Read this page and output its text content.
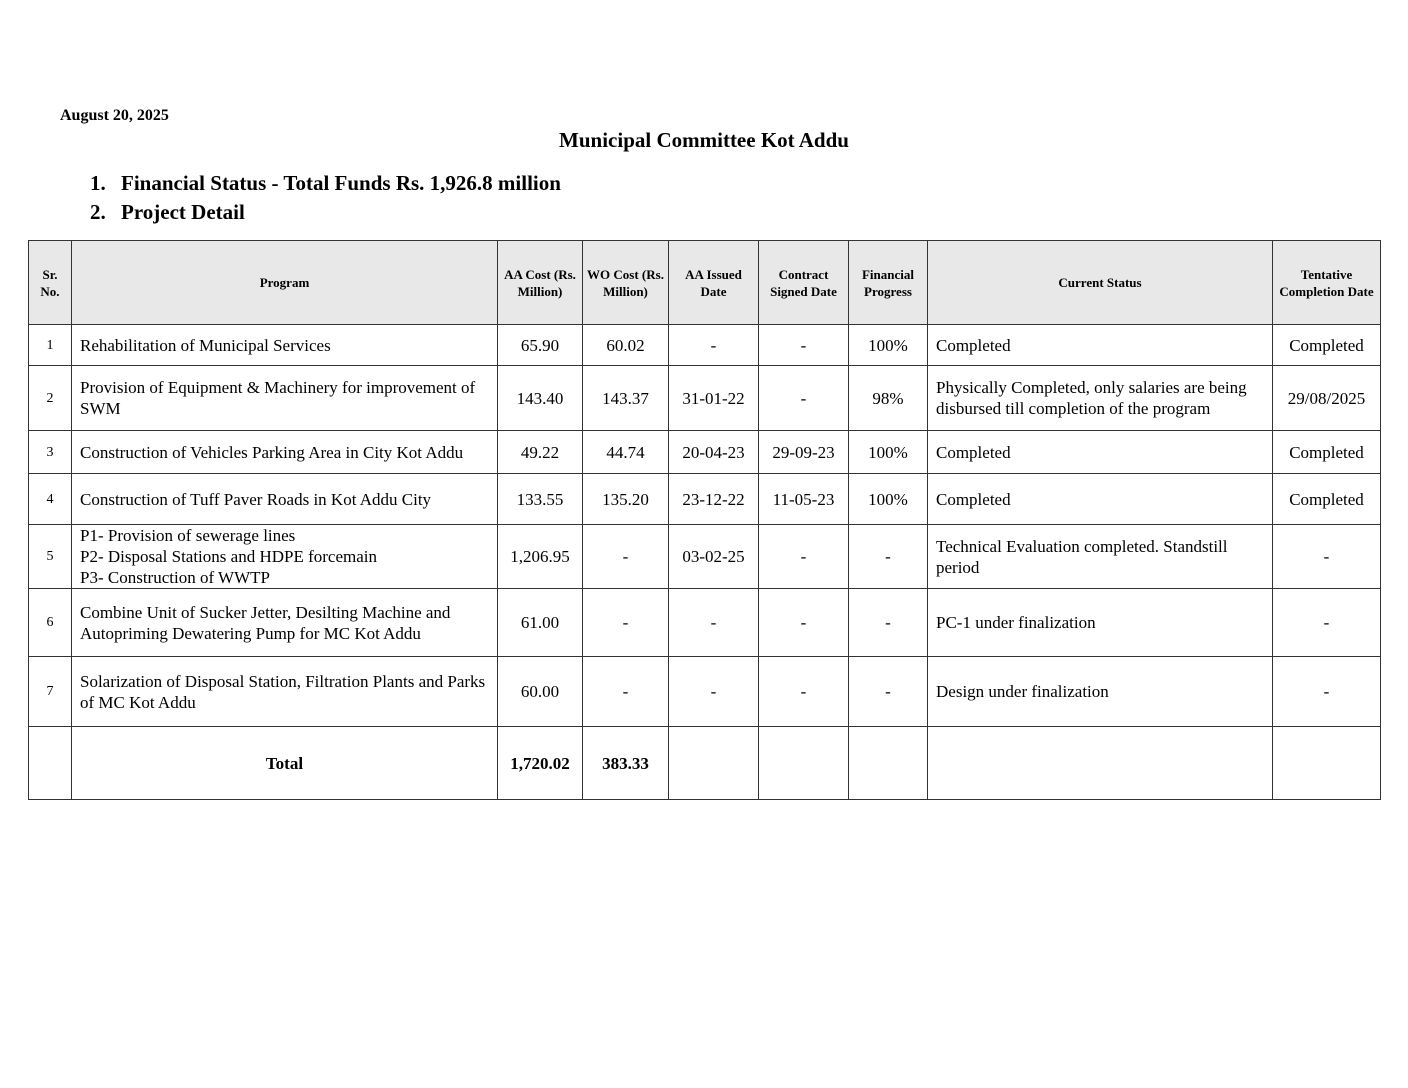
August 20, 2025
Municipal Committee Kot Addu
1. Financial Status - Total Funds Rs. 1,926.8 million
2. Project Detail
Sr. No.	Program	AA Cost (Rs. Million)	WO Cost (Rs. Million)	AA Issued Date	Contract Signed Date	Financial Progress	Current Status	Tentative Completion Date
1	Rehabilitation of Municipal Services	65.90	60.02	-	-	100%	Completed	Completed
2	Provision of Equipment & Machinery for improvement of SWM	143.40	143.37	31-01-22	-	98%	Physically Completed, only salaries are being disbursed till completion of the program	29/08/2025
3	Construction of Vehicles Parking Area in City Kot Addu	49.22	44.74	20-04-23	29-09-23	100%	Completed	Completed
4	Construction of Tuff Paver Roads in Kot Addu City	133.55	135.20	23-12-22	11-05-23	100%	Completed	Completed
5	P1- Provision of sewerage lines
P2- Disposal Stations and HDPE forcemain
P3- Construction of WWTP	1,206.95	-	03-02-25	-	-	Technical Evaluation completed. Standstill period	-
6	Combine Unit of Sucker Jetter, Desilting Machine and Autopriming Dewatering Pump for MC Kot Addu	61.00	-	-	-	-	PC-1 under finalization	-
7	Solarization of Disposal Station, Filtration Plants and Parks of MC Kot Addu	60.00	-	-	-	-	Design under finalization	-
	Total	1,720.02	383.33					
